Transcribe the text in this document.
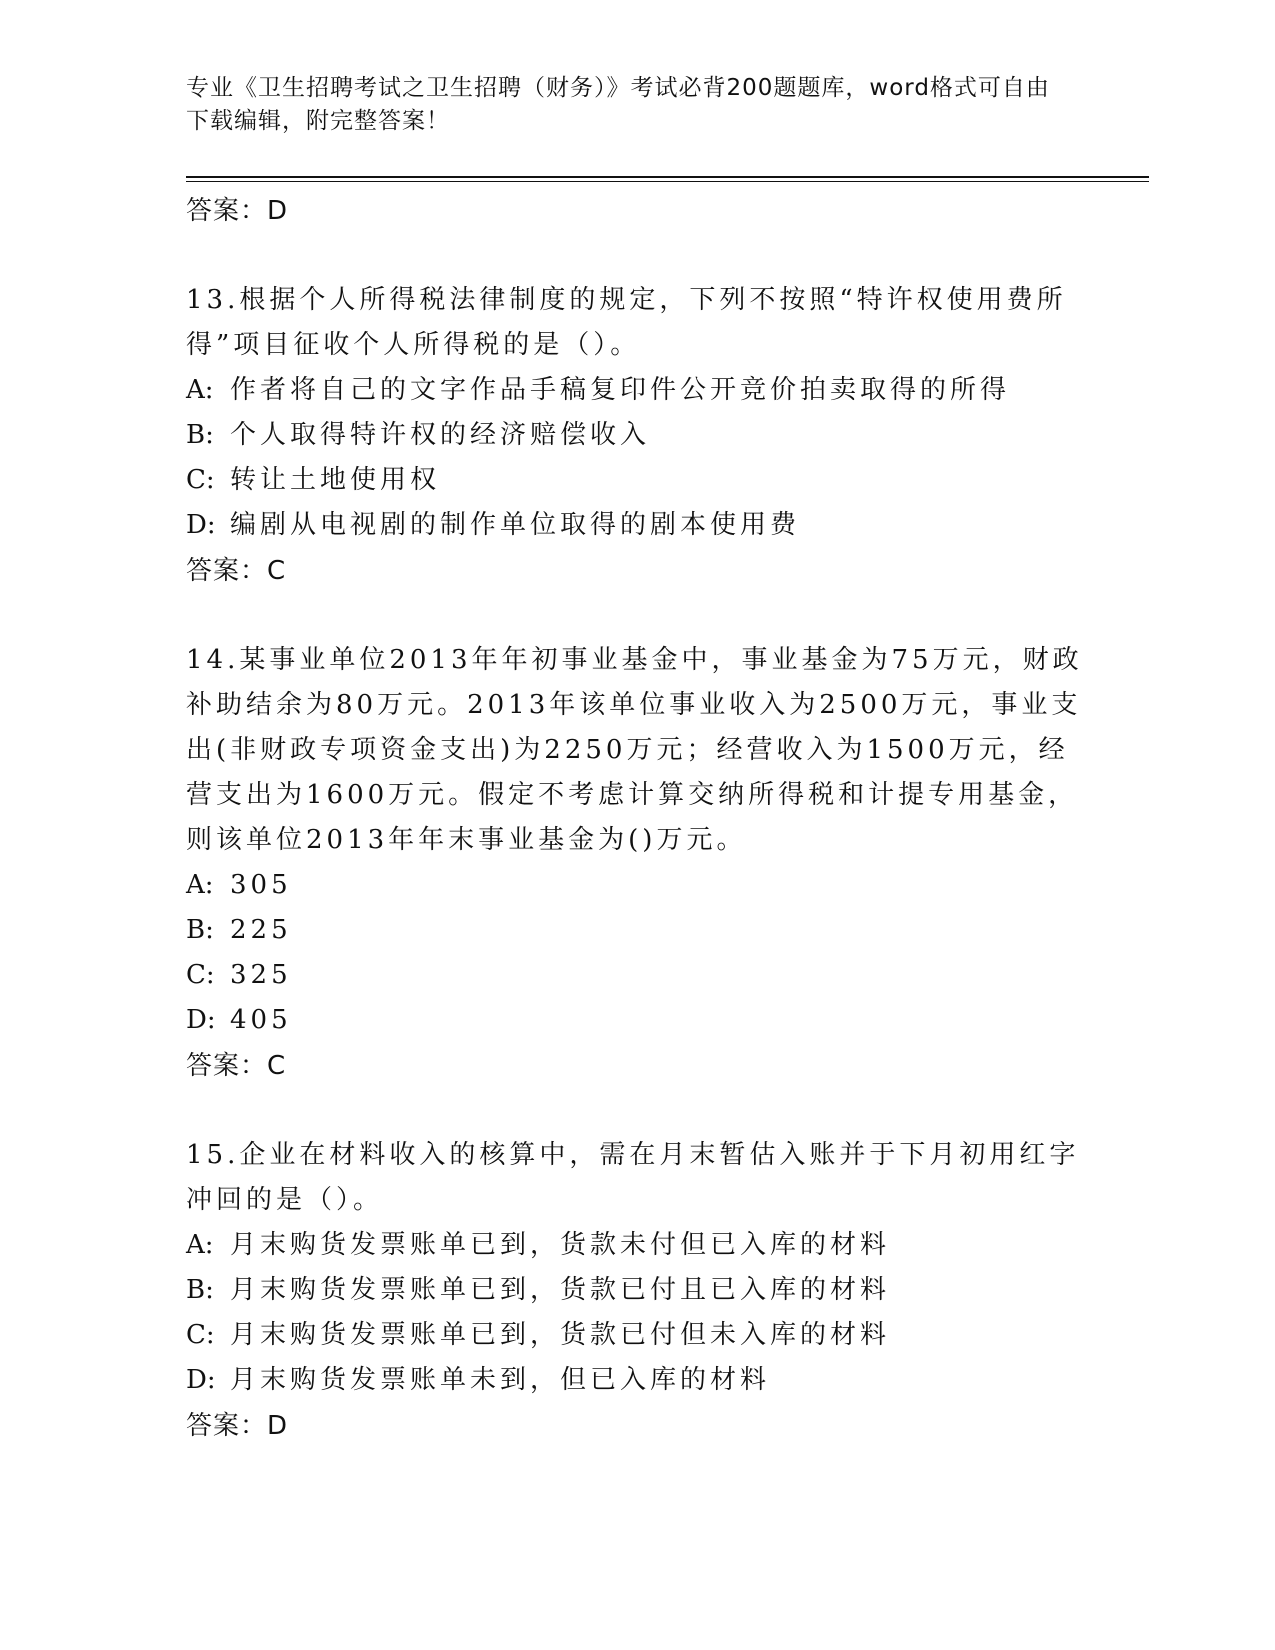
专业《卫生招聘考试之卫生招聘（财务）》考试必背200题题库，word格式可自由下载编辑，附完整答案！
答案：D
13.根据个人所得税法律制度的规定，下列不按照“特许权使用费所得”项目征收个人所得税的是（）。
A: 作者将自己的文字作品手稿复印件公开竞价拍卖取得的所得
B: 个人取得特许权的经济赔偿收入
C: 转让土地使用权
D: 编剧从电视剧的制作单位取得的剧本使用费
答案：C
14.某事业单位2013年年初事业基金中，事业基金为75万元，财政补助结余为80万元。2013年该单位事业收入为2500万元，事业支出(非财政专项资金支出)为2250万元；经营收入为1500万元，经营支出为1600万元。假定不考虑计算交纳所得税和计提专用基金，则该单位2013年年末事业基金为()万元。
A: 305
B: 225
C: 325
D: 405
答案：C
15.企业在材料收入的核算中，需在月末暂估入账并于下月初用红字冲回的是（）。
A: 月末购货发票账单已到，货款未付但已入库的材料
B: 月末购货发票账单已到，货款已付且已入库的材料
C: 月末购货发票账单已到，货款已付但未入库的材料
D: 月末购货发票账单未到，但已入库的材料
答案：D
